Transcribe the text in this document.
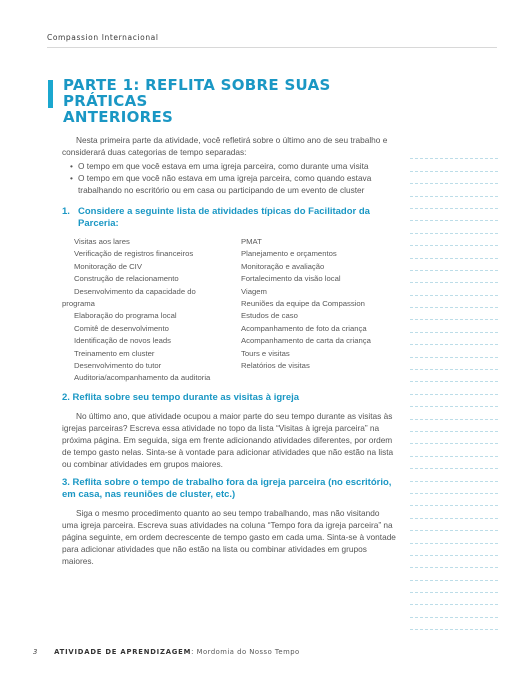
Compassion Internacional
PARTE 1: REFLITA SOBRE SUAS PRÁTICAS
ANTERIORES

Nesta primeira parte da atividade, você refletirá sobre o último ano de seu trabalho e considerará duas categorias de tempo separadas:

• O tempo em que você estava em uma igreja parceira, como durante uma visita
• O tempo em que você não estava em uma igreja parceira, como quando estava trabalhando no escritório ou em casa ou participando de um evento de cluster
1. Considere a seguinte lista de atividades típicas do Facilitador da Parceria:
Visitas aos lares
Verificação de registros financeiros
Monitoração de CIV
Construção de relacionamento
Desenvolvimento da capacidade do
programa
Elaboração do programa local
Comitê de desenvolvimento
Identificação de novos leads
Treinamento em cluster
Desenvolvimento do tutor
Auditoria/acompanhamento da auditoria
PMAT
Planejamento e orçamentos
Monitoração e avaliação
Fortalecimento da visão local
Viagem
Reuniões da equipe da Compassion
Estudos de caso
Acompanhamento de foto da criança
Acompanhamento de carta da criança
Tours e visitas
Relatórios de visitas
2. Reflita sobre seu tempo durante as visitas à igreja

No último ano, que atividade ocupou a maior parte do seu tempo durante as visitas às igrejas parceiras? Escreva essa atividade no topo da lista “Visitas à igreja parceira” na próxima página. Em seguida, siga em frente adicionando atividades diferentes, por ordem de tempo gasto nelas. Sinta-se à vontade para adicionar atividades que não estão na lista ou combinar atividades em grupos maiores.

3. Reflita sobre o tempo de trabalho fora da igreja parceira (no escritório, em casa, nas reuniões de cluster, etc.)

Siga o mesmo procedimento quanto ao seu tempo trabalhando, mas não visitando uma igreja parceira. Escreva suas atividades na coluna “Tempo fora da igreja parceira” na página seguinte, em ordem decrescente de tempo gasto em cada uma. Sinta-se à vontade para adicionar atividades que não estão na lista ou combinar atividades em grupos maiores.

3 ATIVIDADE DE APRENDIZAGEM: Mordomia do Nosso Tempo
